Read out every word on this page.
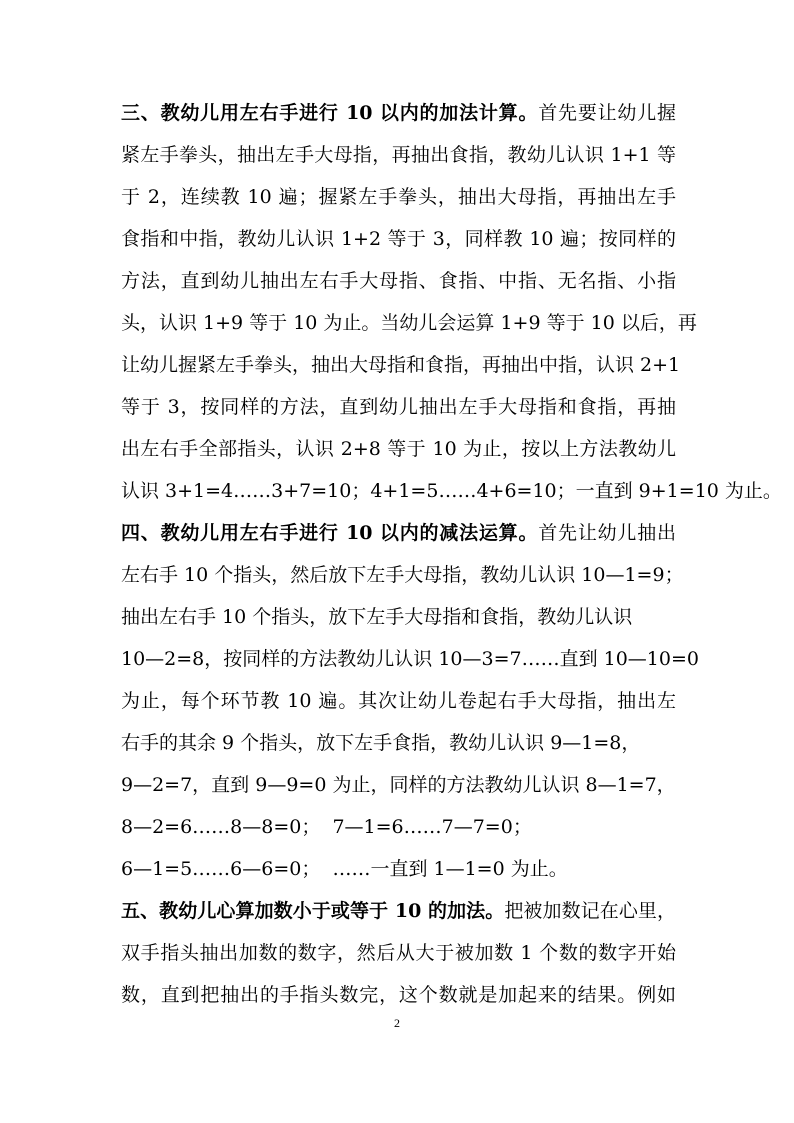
三、教幼儿用左右手进行 10 以内的加法计算。首先要让幼儿握
紧左手拳头，抽出左手大母指，再抽出食指，教幼儿认识 1+1 等
于 2，连续教 10 遍；握紧左手拳头，抽出大母指，再抽出左手
食指和中指，教幼儿认识 1+2 等于 3，同样教 10 遍；按同样的
方法，直到幼儿抽出左右手大母指、食指、中指、无名指、小指
头，认识 1+9 等于 10 为止。当幼儿会运算 1+9 等于 10 以后，再
让幼儿握紧左手拳头，抽出大母指和食指，再抽出中指，认识 2+1
等于 3，按同样的方法，直到幼儿抽出左手大母指和食指，再抽
出左右手全部指头，认识 2+8 等于 10 为止，按以上方法教幼儿
认识 3+1=4……3+7=10；4+1=5……4+6=10；一直到 9+1=10 为止。
四、教幼儿用左右手进行 10 以内的减法运算。首先让幼儿抽出
左右手 10 个指头，然后放下左手大母指，教幼儿认识 10—1=9；
抽出左右手 10 个指头，放下左手大母指和食指，教幼儿认识
10—2=8，按同样的方法教幼儿认识 10—3=7……直到 10—10=0
为止，每个环节教 10 遍。其次让幼儿卷起右手大母指，抽出左
右手的其余 9 个指头，放下左手食指，教幼儿认识 9—1=8，
9—2=7，直到 9—9=0 为止，同样的方法教幼儿认识 8—1=7，
8—2=6……8—8=0；  7—1=6……7—7=0；
6—1=5……6—6=0；  ……一直到 1—1=0 为止。
五、教幼儿心算加数小于或等于 10 的加法。把被加数记在心里，
双手指头抽出加数的数字，然后从大于被加数 1 个数的数字开始
数，直到把抽出的手指头数完，这个数就是加起来的结果。例如
2
